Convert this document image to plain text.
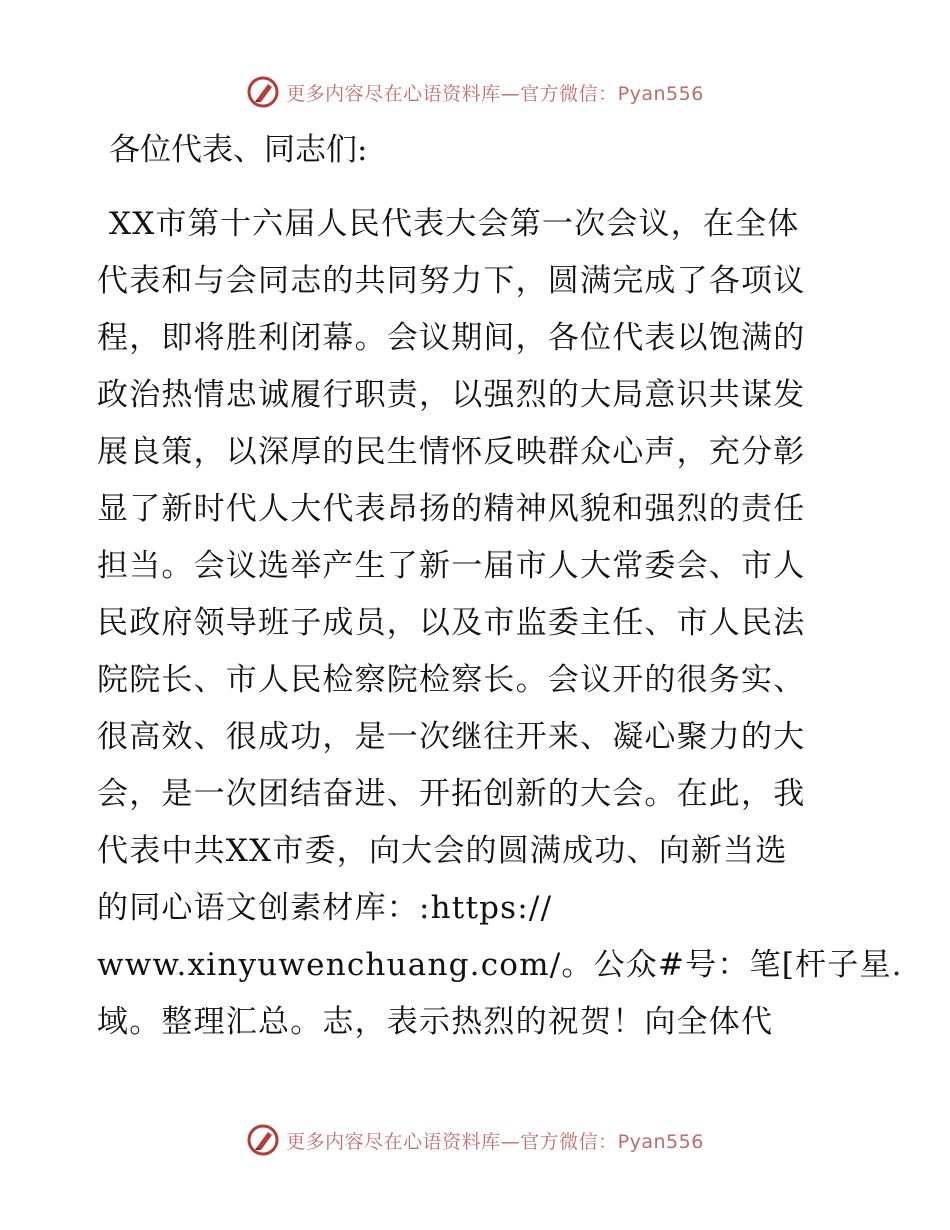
更多内容尽在心语资料库—官方微信：Pyan556
各位代表、同志们:
XX市第十六届人民代表大会第一次会议，在全体
代表和与会同志的共同努力下，圆满完成了各项议
程，即将胜利闭幕。会议期间，各位代表以饱满的
政治热情忠诚履行职责，以强烈的大局意识共谋发
展良策，以深厚的民生情怀反映群众心声，充分彰
显了新时代人大代表昂扬的精神风貌和强烈的责任
担当。会议选举产生了新一届市人大常委会、市人
民政府领导班子成员，以及市监委主任、市人民法
院院长、市人民检察院检察长。会议开的很务实、
很高效、很成功，是一次继往开来、凝心聚力的大
会，是一次团结奋进、开拓创新的大会。在此，我
代表中共XX市委，向大会的圆满成功、向新当选
的同心语文创素材库：:https://
www.xinyuwenchuang.com/。公众#号：笔[杆子星.
域。整理汇总。志，表示热烈的祝贺！向全体代
更多内容尽在心语资料库—官方微信：Pyan556
